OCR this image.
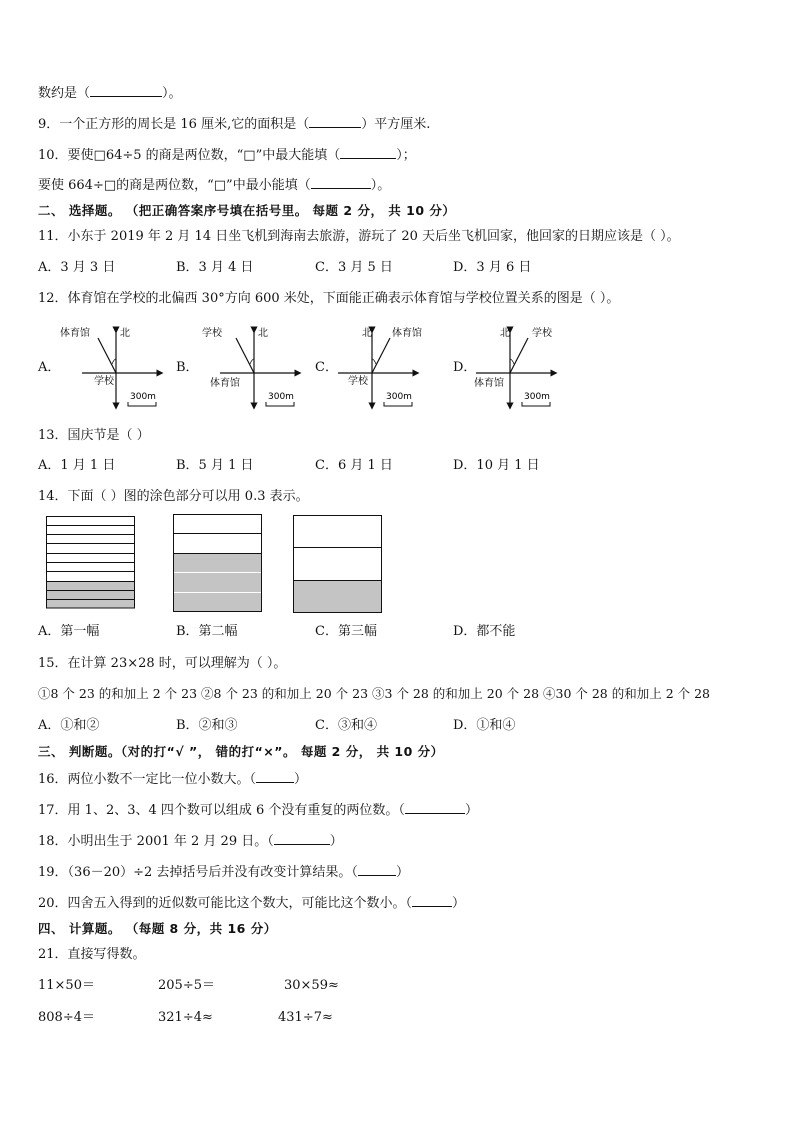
数约是（	）。
9．一个正方形的周长是 16 厘米,它的面积是（	）平方厘米.
10．要使□64÷5 的商是两位数，“□”中最大能填（	）；
要使 664÷□的商是两位数，“□”中最小能填（	）。
二、 选择题。 （把正确答案序号填在括号里。 每题 2 分， 共 10 分）
11．小东于 2019 年 2 月 14 日坐飞机到海南去旅游，游玩了 20 天后坐飞机回家，他回家的日期应该是（ ）。
A．3 月 3 日	B．3 月 4 日	C．3 月 5 日	D．3 月 6 日
12．体育馆在学校的北偏西 30°方向 600 米处，下面能正确表示体育馆与学校位置关系的图是（ ）。
A．	B．	C．	D．
体育馆	北
学校
300m
学校	北
体育馆
300m
体育馆
北
学校
300m
学校
北
体育馆
300m
13．国庆节是（ ）
A．1 月 1 日	B．5 月 1 日	C．6 月 1 日	D．10 月 1 日
14．下面（ ）图的涂色部分可以用 0.3 表示。
A．第一幅	B．第二幅	C．第三幅	D．都不能
15．在计算 23×28 时，可以理解为（ ）。
①8 个 23 的和加上 2 个 23 ②8 个 23 的和加上 20 个 23 ③3 个 28 的和加上 20 个 28 ④30 个 28 的和加上 2 个 28
A．①和②	B．②和③	C．③和④	D．①和④
三、 判断题。（对的打“√ ”， 错的打“×”。 每题 2 分， 共 10 分）
16．两位小数不一定比一位小数大。（	）
17．用 1、2、3、4 四个数可以组成 6 个没有重复的两位数。（	）
18．小明出生于 2001 年 2 月 29 日。（	）
19．（36－20）÷2 去掉括号后并没有改变计算结果。（	）
20．四舍五入得到的近似数可能比这个数大，可能比这个数小。（	）
四、 计算题。 （每题 8 分，共 16 分）
21．直接写得数。
11×50＝	205÷5＝	30×59≈
808÷4＝	321÷4≈	431÷7≈
